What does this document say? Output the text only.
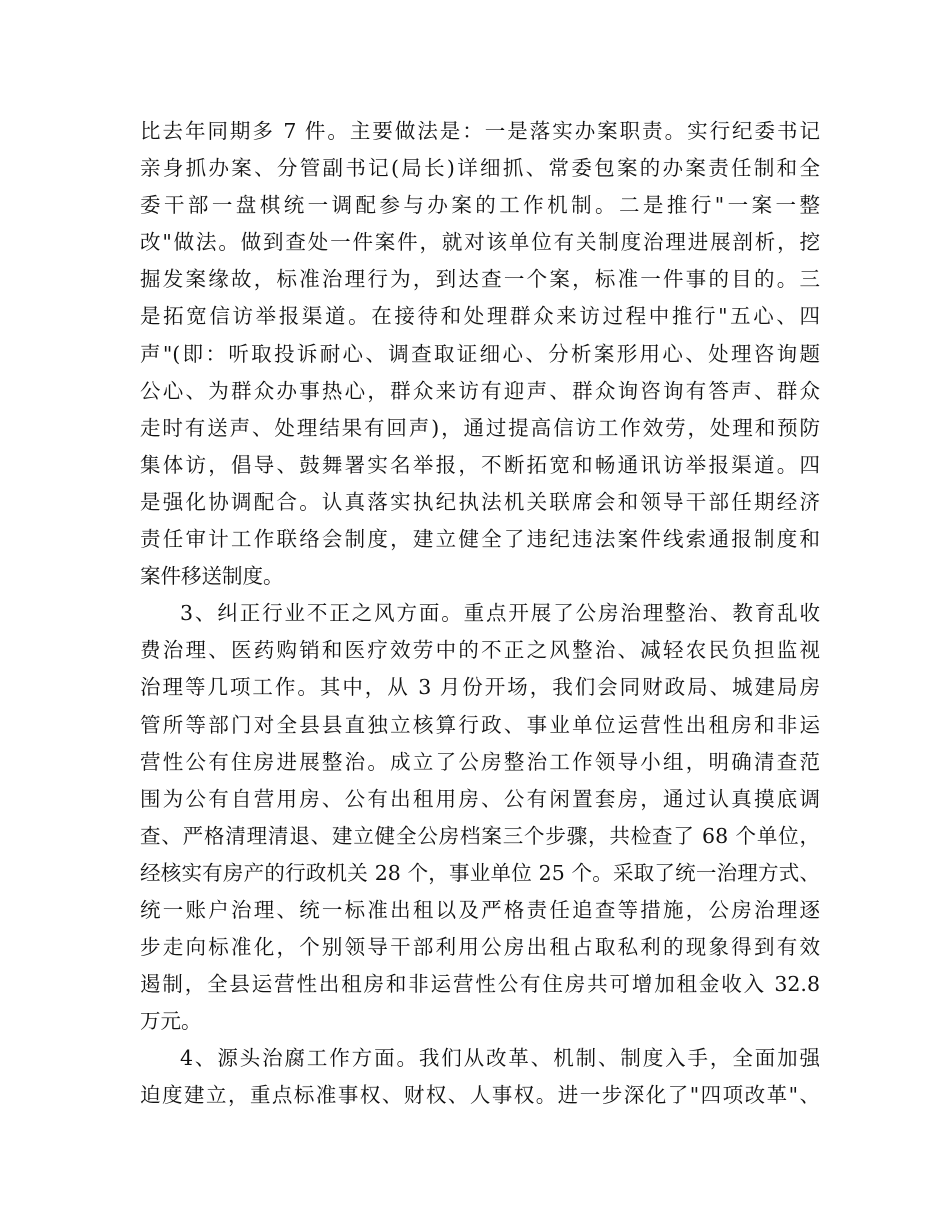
比去年同期多 7 件。主要做法是：一是落实办案职责。实行纪委书记
亲身抓办案、分管副书记(局长)详细抓、常委包案的办案责任制和全
委干部一盘棋统一调配参与办案的工作机制。二是推行"一案一整
改"做法。做到查处一件案件，就对该单位有关制度治理进展剖析，挖
掘发案缘故，标准治理行为，到达查一个案，标准一件事的目的。三
是拓宽信访举报渠道。在接待和处理群众来访过程中推行"五心、四
声"(即：听取投诉耐心、调查取证细心、分析案形用心、处理咨询题
公心、为群众办事热心，群众来访有迎声、群众询咨询有答声、群众
走时有送声、处理结果有回声)，通过提高信访工作效劳，处理和预防
集体访，倡导、鼓舞署实名举报，不断拓宽和畅通讯访举报渠道。四
是强化协调配合。认真落实执纪执法机关联席会和领导干部任期经济
责任审计工作联络会制度，建立健全了违纪违法案件线索通报制度和
案件移送制度。
3、纠正行业不正之风方面。重点开展了公房治理整治、教育乱收
费治理、医药购销和医疗效劳中的不正之风整治、减轻农民负担监视
治理等几项工作。其中，从 3 月份开场，我们会同财政局、城建局房
管所等部门对全县县直独立核算行政、事业单位运营性出租房和非运
营性公有住房进展整治。成立了公房整治工作领导小组，明确清查范
围为公有自营用房、公有出租用房、公有闲置套房，通过认真摸底调
查、严格清理清退、建立健全公房档案三个步骤，共检查了 68 个单位，
经核实有房产的行政机关 28 个，事业单位 25 个。采取了统一治理方式、
统一账户治理、统一标准出租以及严格责任追查等措施，公房治理逐
步走向标准化，个别领导干部利用公房出租占取私利的现象得到有效
遏制，全县运营性出租房和非运营性公有住房共可增加租金收入 32.8
万元。
4、源头治腐工作方面。我们从改革、机制、制度入手，全面加强
迫度建立，重点标准事权、财权、人事权。进一步深化了"四项改革"、
